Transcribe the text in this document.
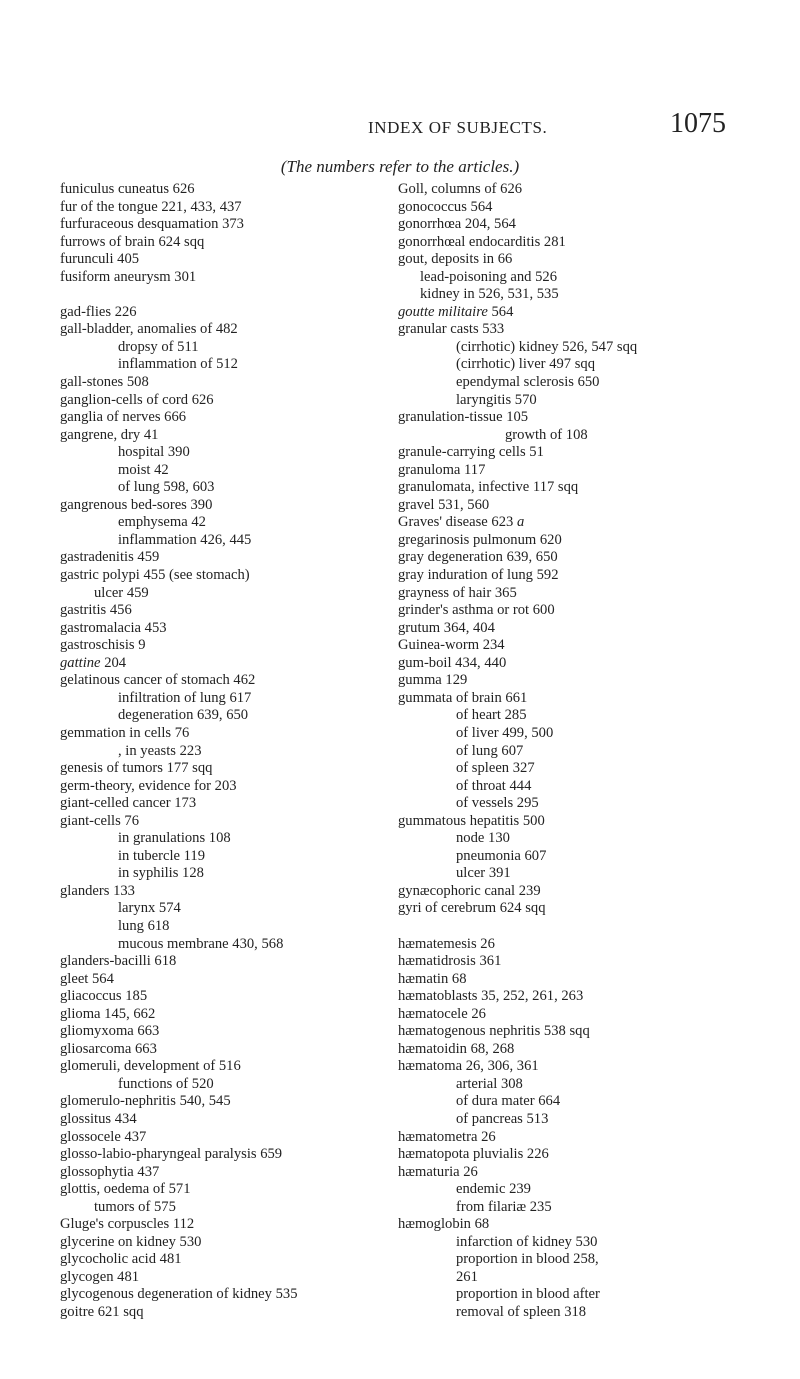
INDEX OF SUBJECTS.	1075
(The numbers refer to the articles.)
funiculus cuneatus 626
fur of the tongue 221, 433, 437
furfuraceous desquamation 373
furrows of brain 624 sqq
furunculi 405
fusiform aneurysm 301
gad-flies 226
gall-bladder, anomalies of 482
dropsy of 511
inflammation of 512
gall-stones 508
ganglion-cells of cord 626
ganglia of nerves 666
gangrene, dry 41
hospital 390
moist 42
of lung 598, 603
gangrenous bed-sores 390
emphysema 42
inflammation 426, 445
gastradenitis 459
gastric polypi 455 (see stomach)
ulcer 459
gastritis 456
gastromalacia 453
gastroschisis 9
gattine 204
gelatinous cancer of stomach 462
infiltration of lung 617
degeneration 639, 650
gemmation in cells 76
, in yeasts 223
genesis of tumors 177 sqq
germ-theory, evidence for 203
giant-celled cancer 173
giant-cells 76
in granulations 108
in tubercle 119
in syphilis 128
glanders 133
larynx 574
lung 618
mucous membrane 430, 568
glanders-bacilli 618
gleet 564
gliacoccus 185
glioma 145, 662
gliomyxoma 663
gliosarcoma 663
glomeruli, development of 516
functions of 520
glomerulo-nephritis 540, 545
glossitus 434
glossocele 437
glosso-labio-pharyngeal paralysis 659
glossophytia 437
glottis, oedema of 571
tumors of 575
Gluge's corpuscles 112
glycerine on kidney 530
glycocholic acid 481
glycogen 481
glycogenous degeneration of kidney 535
goitre 621 sqq
Goll, columns of 626
gonococcus 564
gonorrhœa 204, 564
gonorrhœal endocarditis 281
gout, deposits in 66
lead-poisoning and 526
kidney in 526, 531, 535
goutte militaire 564
granular casts 533
(cirrhotic) kidney 526, 547 sqq
(cirrhotic) liver 497 sqq
ependymal sclerosis 650
laryngitis 570
granulation-tissue 105
growth of 108
granule-carrying cells 51
granuloma 117
granulomata, infective 117 sqq
gravel 531, 560
Graves' disease 623 a
gregarinosis pulmonum 620
gray degeneration 639, 650
gray induration of lung 592
grayness of hair 365
grinder's asthma or rot 600
grutum 364, 404
Guinea-worm 234
gum-boil 434, 440
gumma 129
gummata of brain 661
of heart 285
of liver 499, 500
of lung 607
of spleen 327
of throat 444
of vessels 295
gummatous hepatitis 500
node 130
pneumonia 607
ulcer 391
gynæcophoric canal 239
gyri of cerebrum 624 sqq
hæmatemesis 26
hæmatidrosis 361
hæmatin 68
hæmatoblasts 35, 252, 261, 263
hæmatocele 26
hæmatogenous nephritis 538 sqq
hæmatoidin 68, 268
hæmatoma 26, 306, 361
arterial 308
of dura mater 664
of pancreas 513
hæmatometra 26
hæmatopota pluvialis 226
hæmaturia 26
endemic 239
from filariæ 235
hæmoglobin 68
infarction of kidney 530
proportion in blood 258,
261
proportion in blood after
removal of spleen 318
